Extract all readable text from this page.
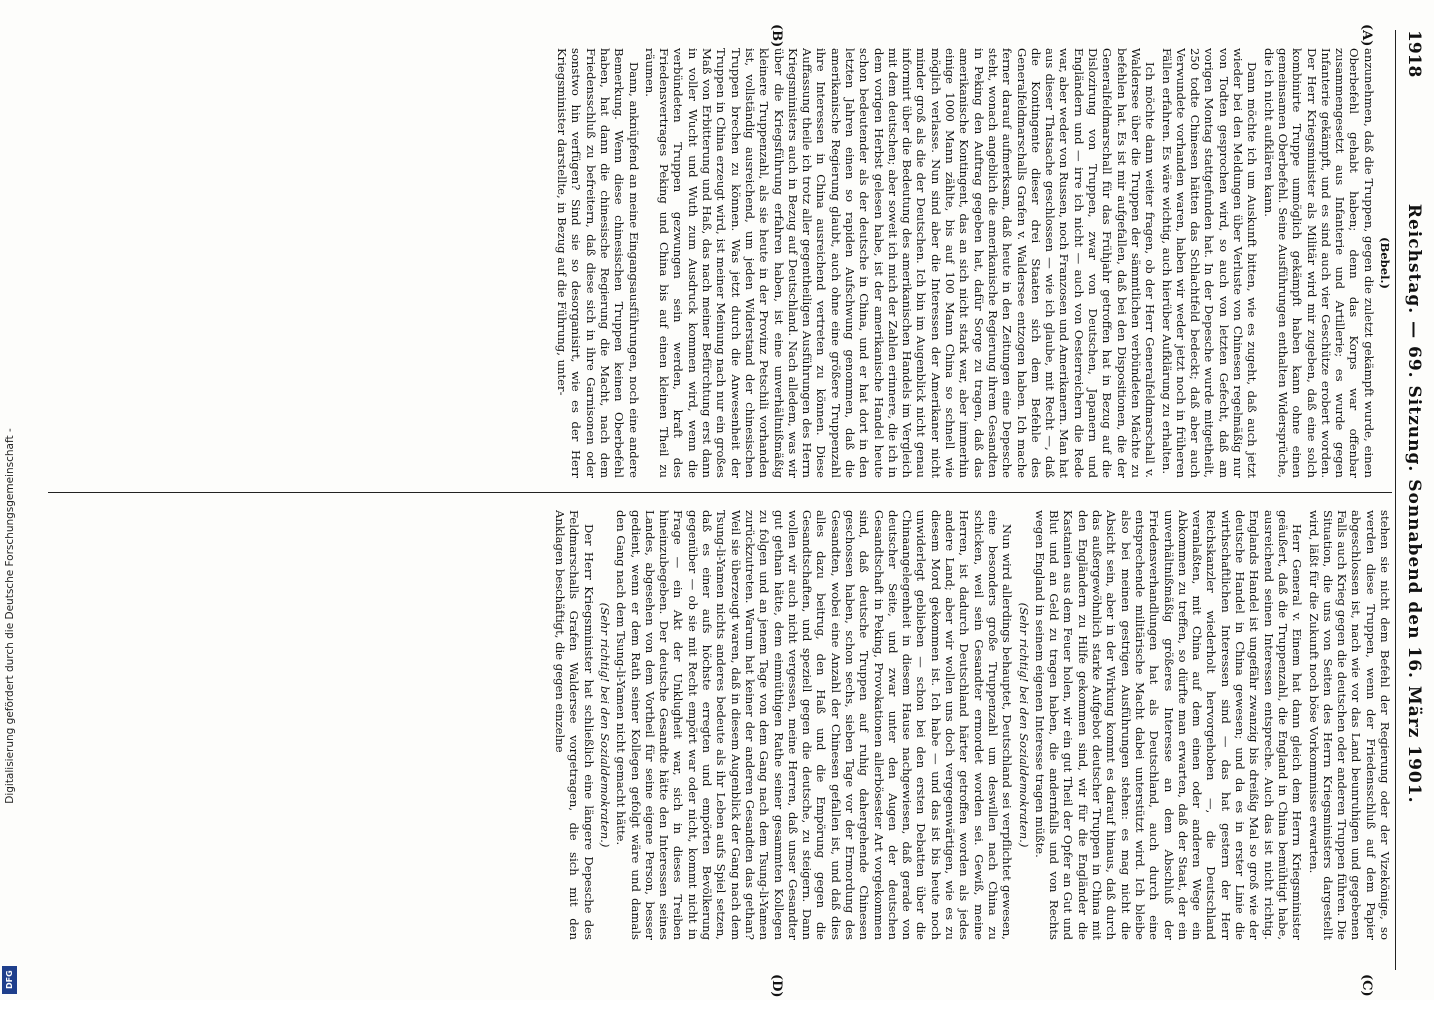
1918
Reichstag. — 69. Sitzung. Sonnabend den 16. März 1901.
(A)
(B)
(C)
(D)
(Bebel.)

anzunehmen, daß die Truppen, gegen die zuletzt gekämpft wurde, einen Oberbefehl gehabt haben; denn das Korps war offenbar zusammengesetzt aus Infanterie und Artillerie; es wurde gegen Infanterie gekämpft, und es sind auch vier Geschütze erobert worden. Der Herr Kriegsminister als Militär wird mir zugeben, daß eine solch kombinirte Truppe unmöglich gekämpft haben kann ohne einen gemeinsamen Oberbefehl. Seine Ausführungen enthalten Widersprüche, die ich nicht aufklären kann.

Dann möchte ich um Auskunft bitten, wie es zugeht, daß auch jetzt wieder bei den Meldungen über Verluste von Chinesen regelmäßig nur von Todten gesprochen wird, so auch von letzten Gefecht, daß am vorigen Montag stattgefunden hat. In der Depesche wurde mitgetheilt, 250 todte Chinesen hätten das Schlachtfeld bedeckt; daß aber auch Verwundete vorhanden waren, haben wir weder jetzt noch in früheren Fällen erfahren. Es wäre wichtig, auch hierüber Aufklärung zu erhalten.

Ich möchte dann weiter fragen, ob der Herr Generalfeldmarschall v. Waldersee über die Truppen der sämmtlichen verbündeten Mächte zu befehlen hat. Es ist mir aufgefallen, daß bei den Dispositionen, die der Generalfeldmarschall für das Frühjahr getroffen hat in Bezug auf die Dislozirung von Truppen, zwar von Deutschen, Japanern und Engländern und — irre ich nicht — auch von Oesterreichern die Rede war, aber weder von Russen, noch Franzosen und Amerikanern. Man hat aus dieser Thatsache geschlossen — wie ich glaube, mit Recht —, daß die Kontingente dieser drei Staaten sich dem Befehle des Generalfeldmarschalls Grafen v. Waldersee entzogen haben. Ich mache ferner darauf aufmerksam, daß heute in den Zeitungen eine Depesche steht, wonach angeblich die amerikanische Regierung ihrem Gesandten in Peking den Auftrag gegeben hat, dafür Sorge zu tragen, daß das amerikanische Kontingent, das an sich nicht stark war, aber immerhin einige 1000 Mann zählte, bis auf 100 Mann China so schnell wie möglich verlasse. Nun sind aber die Interessen der Amerikaner nicht minder groß als die der Deutschen. Ich bin im Augenblick nicht genau informirt über die Bedeutung des amerikanischen Handels im Vergleich mit dem deutschen; aber soweit ich mich der Zahlen erinnere, die ich in dem vorigen Herbst gelesen habe, ist der amerikanische Handel heute schon bedeutender als der deutsche in China, und er hat dort in den letzten Jahren einen so rapiden Aufschwung genommen, daß die amerikanische Regierung glaubt, auch ohne eine größere Truppenzahl ihre Interessen in China ausreichend vertreten zu können. Diese Auffassung theile ich trotz aller gegentheiligen Ausführungen des Herrn Kriegsministers auch in Bezug auf Deutschland. Nach alledem, was wir über die Kriegsführung erfahren haben, ist eine unverhältnißmäßig kleinere Truppenzahl, als sie heute in der Provinz Petschili vorhanden ist, vollständig ausreichend, um jeden Widerstand der chinesischen Truppen brechen zu können. Was jetzt durch die Anwesenheit der Truppen in China erzeugt wird, ist meiner Meinung nach nur ein großes Maß von Erbitterung und Haß, das nach meiner Befürchtung erst dann in voller Wucht und Wuth zum Ausdruck kommen wird, wenn die verbündeten Truppen gezwungen sein werden, kraft des Friedensvertrages Peking und China bis auf einen kleinen Theil zu räumen.

Dann, anknüpfend an meine Eingangsausführungen, noch eine andere Bemerkung. Wenn diese chinesischen Truppen keinen Oberbefehl haben, hat dann die chinesische Regierung die Macht, nach dem Friedensschluß zu befreitern, daß diese sich in ihre Garnisonen oder sonstwo hin verfügen? Sind sie so desorganisirt, wie es der Herr Kriegsminister darstellte, in Bezug auf die Führung, unter-

stehen sie nicht dem Befehl der Regierung oder der Vizekönige, so werden diese Truppen, wenn der Friedensschluß auf dem Papier abgeschlossen ist, nach wie vor das Land beunruhigen und gegebenen Falls auch Krieg gegen die deutschen oder anderen Truppen führen. Die Situation, die uns von Seiten des Herrn Kriegsministers dargestellt wird, läßt für die Zukunft noch böse Vorkommnisse erwarten.

Herr General v. Einem hat dann gleich dem Herrn Kriegsminister geäußert, daß die Truppenzahl, die England in China bemühtigt habe, ausreichend seinen Interessen entspreche. Auch das ist nicht richtig. Englands Handel ist ungefähr zwanzig bis dreißig Mal so groß wie der deutsche Handel in China gewesen; und da es in erster Linie die wirthschaftlichen Interessen sind — das hat gestern der Herr Reichskanzler wiederholt hervorgehoben —, die Deutschland veranlaßten, mit China auf dem einen oder anderen Wege ein Abkommen zu treffen, so dürfte man erwarten, daß der Staat, der ein unverhältnißmäßig größeres Interesse an dem Abschluß der Friedensverhandlungen hat als Deutschland, auch durch eine entsprechende militärische Macht dabei unterstützt wird. Ich bleibe also bei meinen gestrigen Ausführungen stehen: es mag nicht die Absicht sein, aber in der Wirkung kommt es darauf hinaus, daß durch das außergewöhnlich starke Aufgebot deutscher Truppen in China mit den Engländern zu Hilfe gekommen sind, wir für die Engländer die Kastanien aus dem Feuer holen, wir ein gut Theil der Opfer an Gut und Blut und an Geld zu tragen haben, die andernfalls und von Rechts wegen England in seinem eigenen Interesse tragen müßte.

(Sehr richtig! bei den Sozialdemokraten.)

Nun wird allerdings behauptet, Deutschland sei verpflichtet gewesen, eine besonders große Truppenzahl um deswillen nach China zu schicken, weil sein Gesandter ermordet worden sei. Gewiß, meine Herren, ist dadurch Deutschland härter getroffen worden als jedes andere Land; aber wir wollen uns doch vergegenwärtigen, wie es zu diesem Mord gekommen ist. Ich habe — und das ist bis heute noch unwiderlegt geblieben — schon bei den ersten Debatten über die Chinaangelegenheit in diesem Hause nachgewiesen, daß gerade von deutscher Seite, und zwar unter den Augen der deutschen Gesandtschaft in Peking, Provokationen allerbösester Art vorgekommen sind, daß deutsche Truppen auf ruhig dahergehende Chinesen geschossen haben, schon sechs, sieben Tage vor der Ermordung des Gesandten, wobei eine Anzahl der Chinesen gefallen ist, und daß dies alles dazu beitrug, den Haß und die Empörung gegen die Gesandtschaften, und speziell gegen die deutsche, zu steigern. Dann wollen wir auch nicht vergessen, meine Herren, daß unser Gesandter gut gethan hätte, dem einmüthigen Rathe seiner gesammten Kollegen zu folgen und an jenem Tage von dem Gang nach dem Tsung-li-Yamen zurückzutreten. Warum hat keiner der anderen Gesandten das gethan? Weil sie überzeugt waren, daß in diesem Augenblick der Gang nach dem Tsung-li-Yamen nichts anderes bedeute als ihr Leben aufs Spiel setzen, daß es einer aufs höchste erregten und empörten Bevölkerung gegenüber — ob sie mit Recht empört war oder nicht, kommt nicht in Frage — ein Akt der Unklugheit war, sich in dieses Treiben hineinzubegeben. Der deutsche Gesandte hätte den Interessen seines Landes, abgesehen von dem Vortheil für seine eigene Person, besser gedient, wenn er dem Rath seiner Kollegen gefolgt wäre und damals den Gang nach dem Tsung-li-Yamen nicht gemacht hätte.

(Sehr richtig! bei den Sozialdemokraten.)

Der Herr Kriegsminister hat schließlich eine längere Depesche des Feldmarschalls Grafen Waldersee vorgetragen, die sich mit den Anklagen beschäftigt, die gegen einzelne

Digitalisierung gefördert durch die Deutsche Forschungsgemeinschaft -
DFG
